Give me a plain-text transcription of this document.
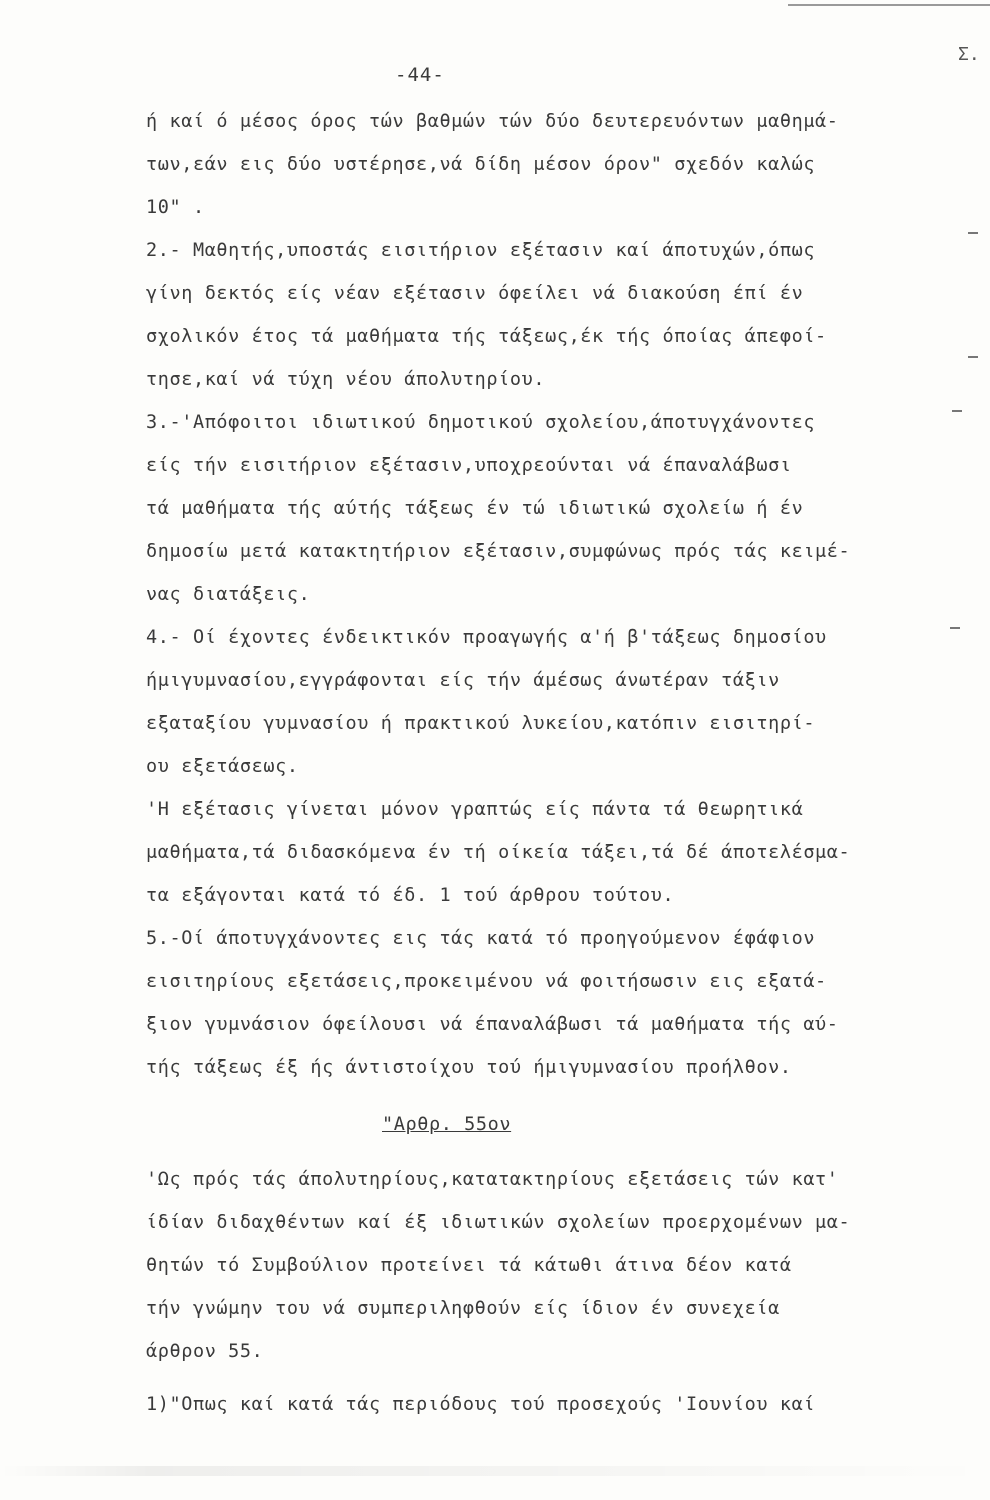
Σ.
-44-
ή καί ό μέσος όρος τών βαθμών τών δύο δευτερευόντων μαθημά-
των,εάν εις δύο υστέρησε,νά δίδη μέσον όρον" σχεδόν καλώς
10" .
2.- Μαθητής,υποστάς εισιτήριον εξέτασιν καί άποτυχών,όπως
γίνη δεκτός είς νέαν εξέτασιν όφείλει νά διακούση έπί έν
σχολικόν έτος τά μαθήματα τής τάξεως,έκ τής όποίας άπεφοί-
τησε,καί νά τύχη νέου άπολυτηρίου.
3.-'Απόφοιτοι ιδιωτικού δημοτικού σχολείου,άποτυγχάνοντες
είς τήν εισιτήριον εξέτασιν,υποχρεούνται νά έπαναλάβωσι
τά μαθήματα τής αύτής τάξεως έν τώ ιδιωτικώ σχολείω ή έν
δημοσίω μετά κατακτητήριον εξέτασιν,συμφώνως πρός τάς κειμέ-
νας διατάξεις.
4.- Οί έχοντες ένδεικτικόν προαγωγής α'ή β'τάξεως δημοσίου
ήμιγυμνασίου,εγγράφονται είς τήν άμέσως άνωτέραν τάξιν
εξαταξίου γυμνασίου ή πρακτικού λυκείου,κατόπιν εισιτηρί-
ου εξετάσεως.
'Η εξέτασις γίνεται μόνον γραπτώς είς πάντα τά θεωρητικά
μαθήματα,τά διδασκόμενα έν τή οίκεία τάξει,τά δέ άποτελέσμα-
τα εξάγονται κατά τό έδ. 1 τού άρθρου τούτου.
5.-Οί άποτυγχάνοντες εις τάς κατά τό προηγούμενον έφάφιον
εισιτηρίους εξετάσεις,προκειμένου νά φοιτήσωσιν εις εξατά-
ξιον γυμνάσιον όφείλουσι νά έπαναλάβωσι τά μαθήματα τής αύ-
τής τάξεως έξ ής άντιστοίχου τού ήμιγυμνασίου προήλθον.
"Αρθρ. 55ον
'Ως πρός τάς άπολυτηρίους,κατατακτηρίους εξετάσεις τών κατ'
ίδίαν διδαχθέντων καί έξ ιδιωτικών σχολείων προερχομένων μα-
θητών τό Συμβούλιον προτείνει τά κάτωθι άτινα δέον κατά
τήν γνώμην του νά συμπεριληφθούν είς ίδιον έν συνεχεία
άρθρον 55.
1)"Οπως καί κατά τάς περιόδους τού προσεχούς 'Ιουνίου καί
